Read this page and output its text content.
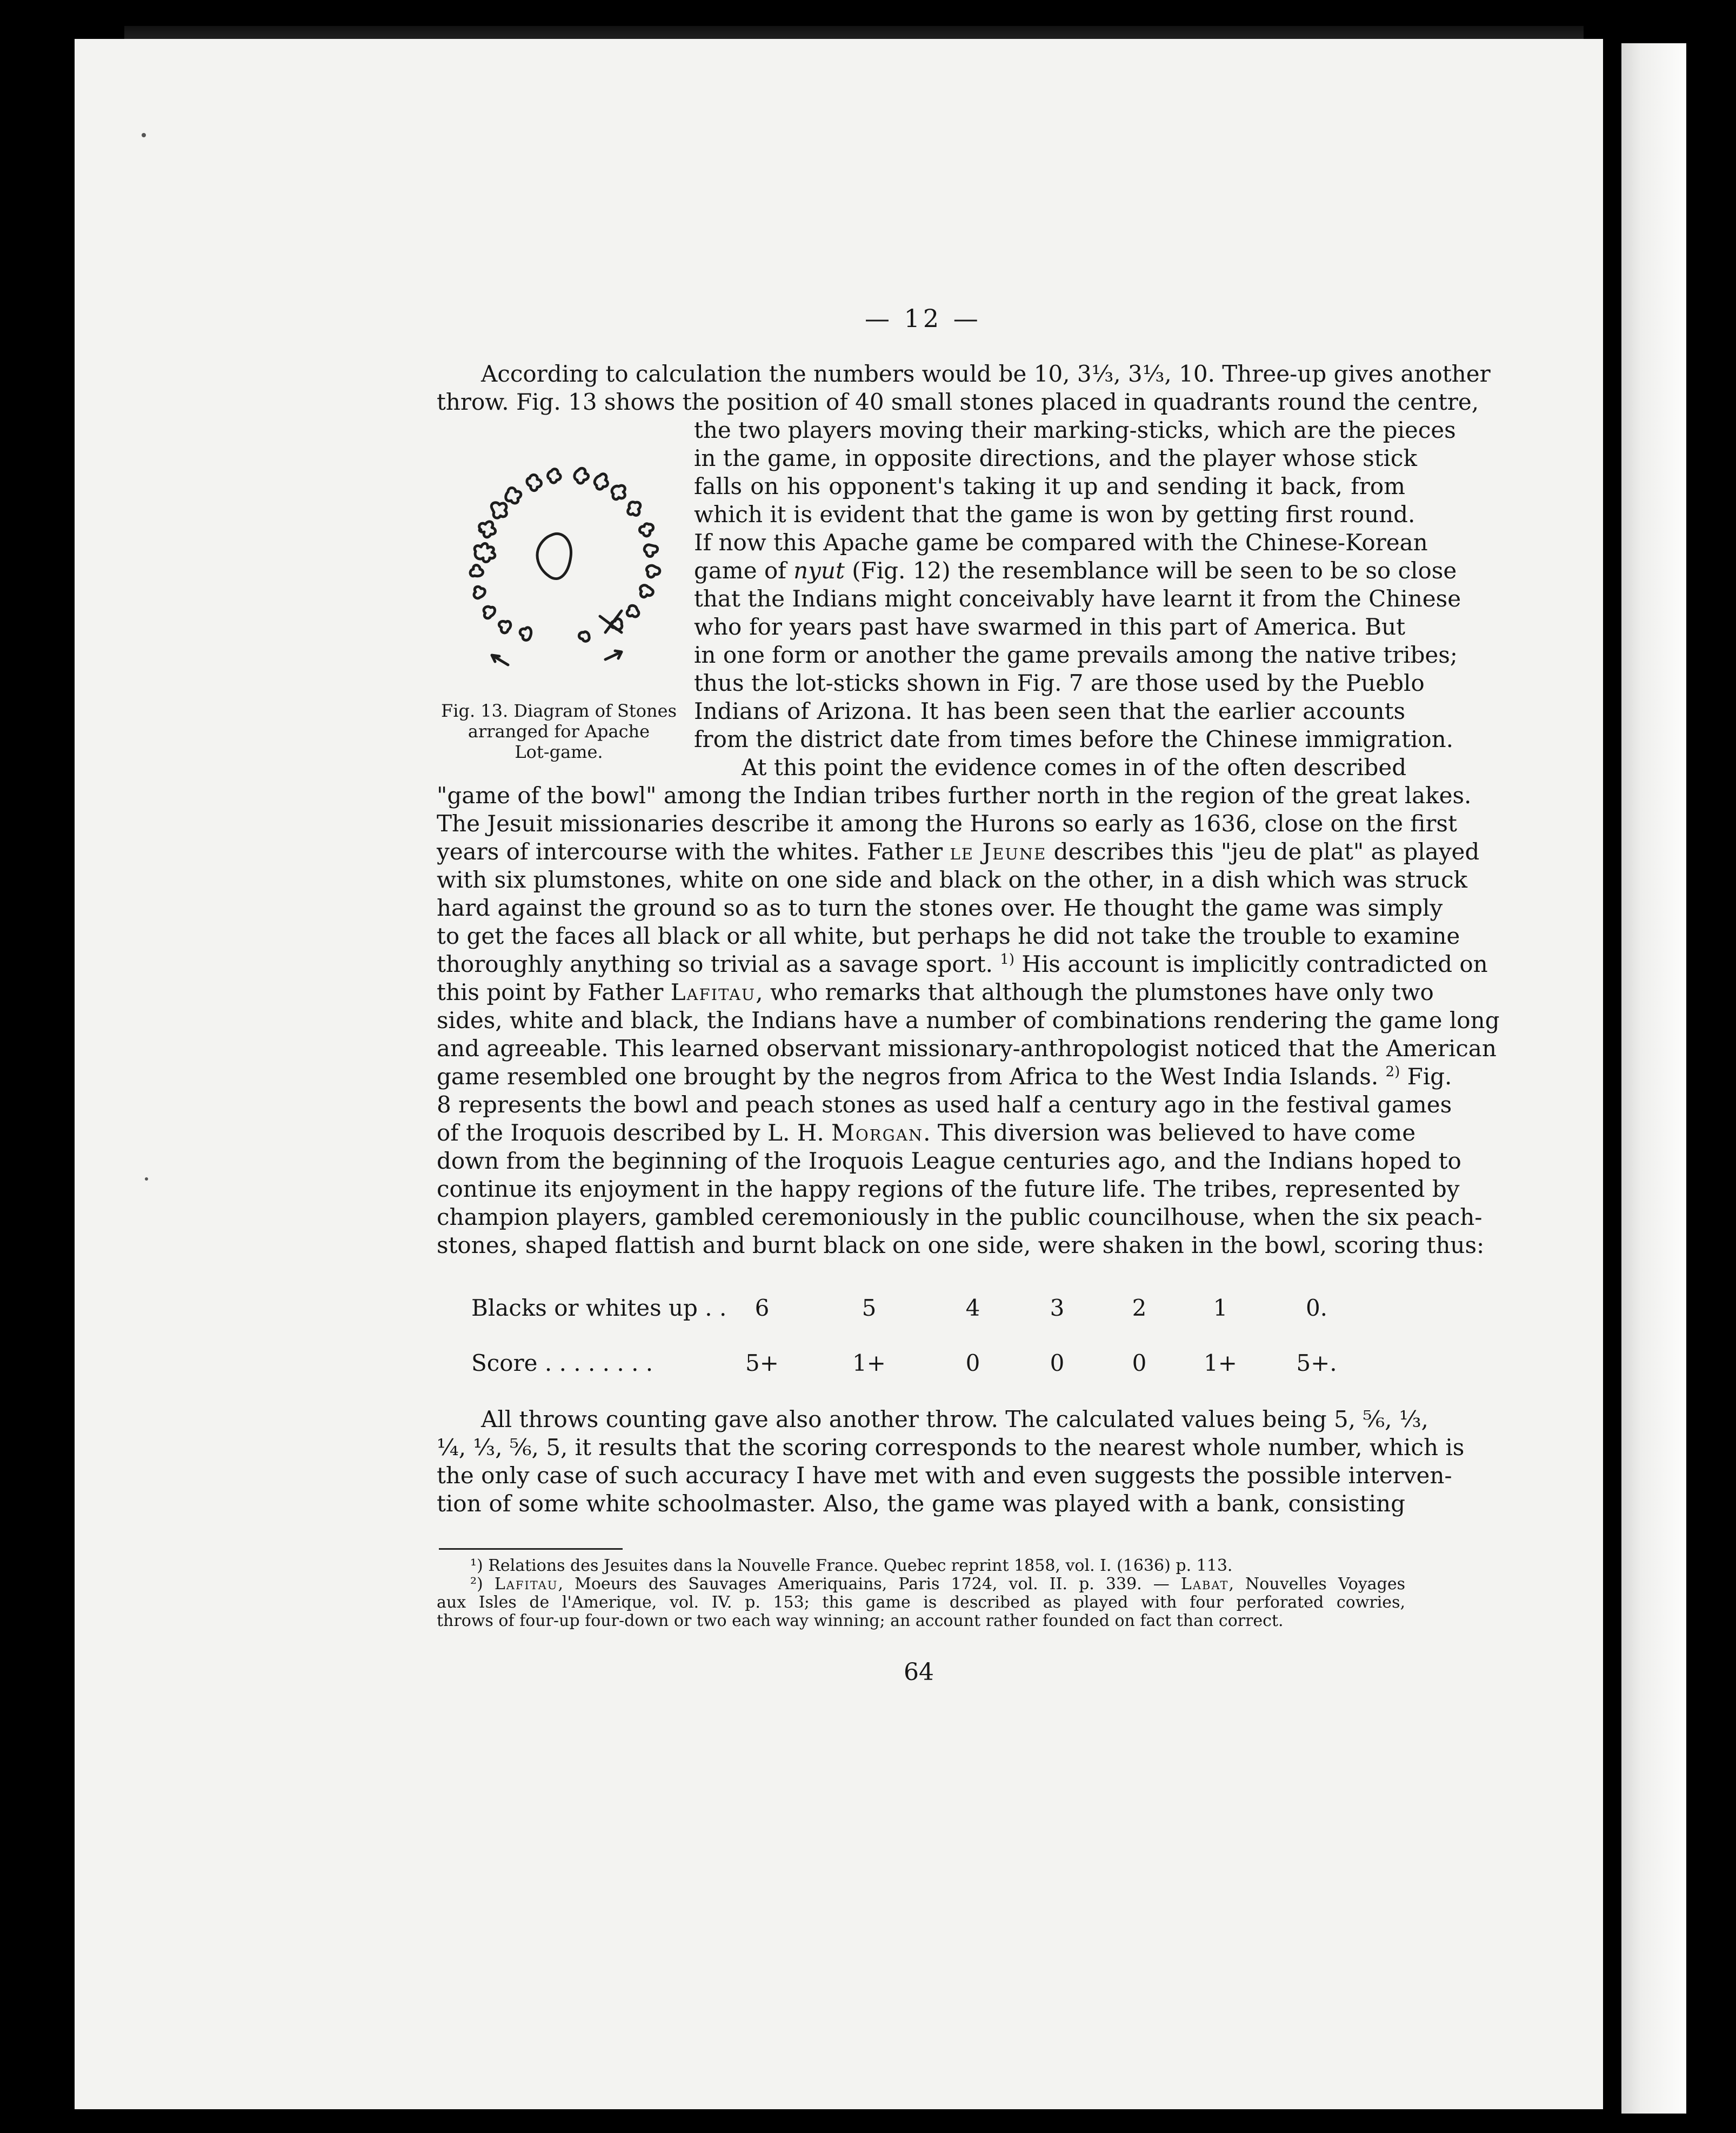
— 12 —
According to calculation the numbers would be 10, 3⅓, 3⅓, 10. Three-up gives another
throw. Fig. 13 shows the position of 40 small stones placed in quadrants round the centre,
the two players moving their marking-sticks, which are the pieces
in the game, in opposite directions, and the player whose stick
falls on his opponent's taking it up and sending it back, from
which it is evident that the game is won by getting first round.
If now this Apache game be compared with the Chinese-Korean
game of nyut (Fig. 12) the resemblance will be seen to be so close
that the Indians might conceivably have learnt it from the Chinese
who for years past have swarmed in this part of America. But
in one form or another the game prevails among the native tribes;
thus the lot-sticks shown in Fig. 7 are those used by the Pueblo
Indians of Arizona. It has been seen that the earlier accounts
from the district date from times before the Chinese immigration.
Fig. 13. Diagram of Stones
arranged for Apache
Lot-game.
At this point the evidence comes in of the often described
"game of the bowl" among the Indian tribes further north in the region of the great lakes.
The Jesuit missionaries describe it among the Hurons so early as 1636, close on the first
years of intercourse with the whites. Father le Jeune describes this "jeu de plat" as played
with six plumstones, white on one side and black on the other, in a dish which was struck
hard against the ground so as to turn the stones over. He thought the game was simply
to get the faces all black or all white, but perhaps he did not take the trouble to examine
thoroughly anything so trivial as a savage sport. $^{1)}$ His account is implicitly contradicted on
this point by Father Lafitau, who remarks that although the plumstones have only two
sides, white and black, the Indians have a number of combinations rendering the game long
and agreeable. This learned observant missionary-anthropologist noticed that the American
game resembled one brought by the negros from Africa to the West India Islands. $^{2)}$ Fig.
8 represents the bowl and peach stones as used half a century ago in the festival games
of the Iroquois described by L. H. Morgan. This diversion was believed to have come
down from the beginning of the Iroquois League centuries ago, and the Indians hoped to
continue its enjoyment in the happy regions of the future life. The tribes, represented by
champion players, gambled ceremoniously in the public councilhouse, when the six peach-
stones, shaped flattish and burnt black on one side, were shaken in the bowl, scoring thus:
Blacks or whites up . .	6	5	4	3	2	1	0.
Score . . . . . . . .	5+	1+	0	0	0	1+	5+.
All throws counting gave also another throw. The calculated values being 5, ⅚, ⅓,
¼, ⅓, ⅚, 5, it results that the scoring corresponds to the nearest whole number, which is
the only case of such accuracy I have met with and even suggests the possible interven-
tion of some white schoolmaster. Also, the game was played with a bank, consisting
¹) Relations des Jesuites dans la Nouvelle France. Quebec reprint 1858, vol. I. (1636) p. 113.
²) Lafitau, Moeurs des Sauvages Ameriquains, Paris 1724, vol. II. p. 339. — Labat, Nouvelles Voyages
aux Isles de l'Amerique, vol. IV. p. 153; this game is described as played with four perforated cowries,
throws of four-up four-down or two each way winning; an account rather founded on fact than correct.
64
